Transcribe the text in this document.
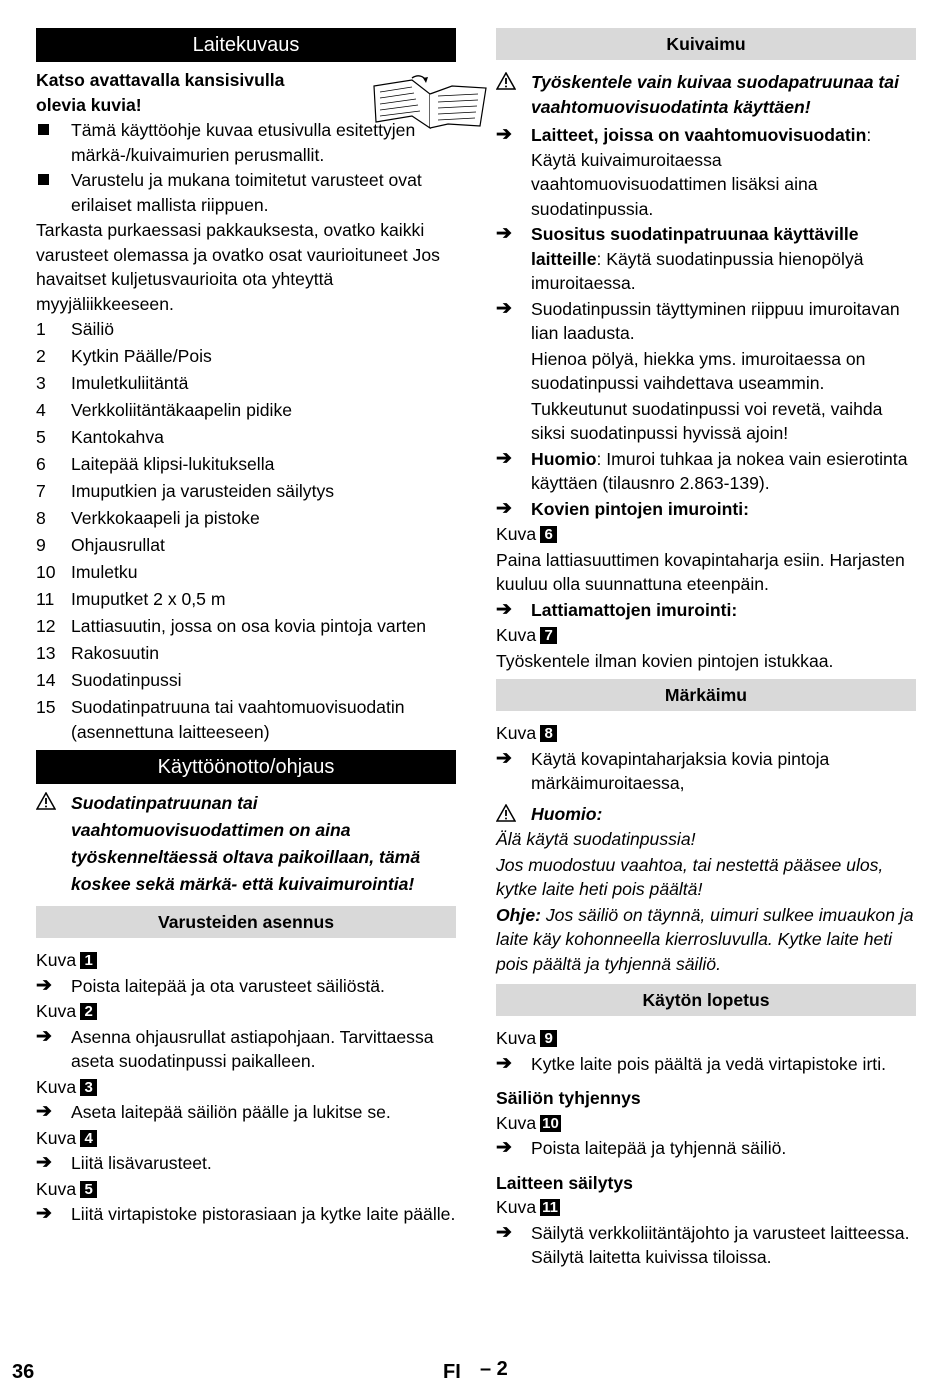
Laitekuvaus
Katso avattavalla kansisivulla olevia kuvia!
Tämä käyttöohje kuvaa etusivulla esitettyjen märkä-/kuivaimurien perusmallit.
Varustelu ja mukana toimitetut varusteet ovat erilaiset mallista riippuen.
Tarkasta purkaessasi pakkauksesta, ovatko kaikki varusteet olemassa ja ovatko osat vaurioituneet Jos havaitset kuljetusvaurioita ota yhteyttä myyjäliikkeeseen.
1 Säiliö
2 Kytkin Päälle/Pois
3 Imuletkuliitäntä
4 Verkkoliitäntäkaapelin pidike
5 Kantokahva
6 Laitepää klipsi-lukituksella
7 Imuputkien ja varusteiden säilytys
8 Verkkokaapeli ja pistoke
9 Ohjausrullat
10 Imuletku
11 Imuputket 2 x 0,5 m
12 Lattiasuutin, jossa on osa kovia pintoja varten
13 Rakosuutin
14 Suodatinpussi
15 Suodatinpatruuna tai vaahtomuovisuodatin (asennettuna laitteeseen)
Käyttöönotto/ohjaus
Suodatinpatruunan tai vaahtomuovisuodattimen on aina työskenneltäessä oltava paikoillaan, tämä koskee sekä märkä- että kuivaimurointia!
Varusteiden asennus
Kuva 1
➔ Poista laitepää ja ota varusteet säiliöstä.
Kuva 2
➔ Asenna ohjausrullat astiapohjaan. Tarvittaessa aseta suodatinpussi paikalleen.
Kuva 3
➔ Aseta laitepää säiliön päälle ja lukitse se.
Kuva 4
➔ Liitä lisävarusteet.
Kuva 5
➔ Liitä virtapistoke pistorasiaan ja kytke laite päälle.
Kuivaimu
Työskentele vain kuivaa suodapatruunaa tai vaahtomuovisuodatinta käyttäen!
➔ Laitteet, joissa on vaahtomuovisuodatin: Käytä kuivaimuroitaessa vaahtomuovisuodattimen lisäksi aina suodatinpussia.
➔ Suositus suodatinpatruunaa käyttäville laitteille: Käytä suodatinpussia hienopölyä imuroitaessa.
➔ Suodatinpussin täyttyminen riippuu imuroitavan lian laadusta.
Hienoa pölyä, hiekka yms. imuroitaessa on suodatinpussi vaihdettava useammin.
Tukkeutunut suodatinpussi voi revetä, vaihda siksi suodatinpussi hyvissä ajoin!
➔ Huomio: Imuroi tuhkaa ja nokea vain esierotinta käyttäen (tilausnro 2.863-139).
➔ Kovien pintojen imurointi:
Kuva 6
Paina lattiasuuttimen kovapintaharja esiin. Harjasten kuuluu olla suunnattuna eteenpäin.
➔ Lattiamattojen imurointi:
Kuva 7
Työskentele ilman kovien pintojen istukkaa.
Märkäimu
Kuva 8
➔ Käytä kovapintaharjaksia kovia pintoja märkäimuroitaessa,
Huomio:
Älä käytä suodatinpussia!
Jos muodostuu vaahtoa, tai nestettä pääsee ulos, kytke laite heti pois päältä!
Ohje: Jos säiliö on täynnä, uimuri sulkee imuaukon ja laite käy kohonneella kierrosluvulla. Kytke laite heti pois päältä ja tyhjennä säiliö.
Käytön lopetus
Kuva 9
➔ Kytke laite pois päältä ja vedä virtapistoke irti.
Säiliön tyhjennys
Kuva 10
➔ Poista laitepää ja tyhjennä säiliö.
Laitteen säilytys
Kuva 11
➔ Säilytä verkkoliitäntäjohto ja varusteet laitteessa. Säilytä laitetta kuivissa tiloissa.
36	FI – 2
